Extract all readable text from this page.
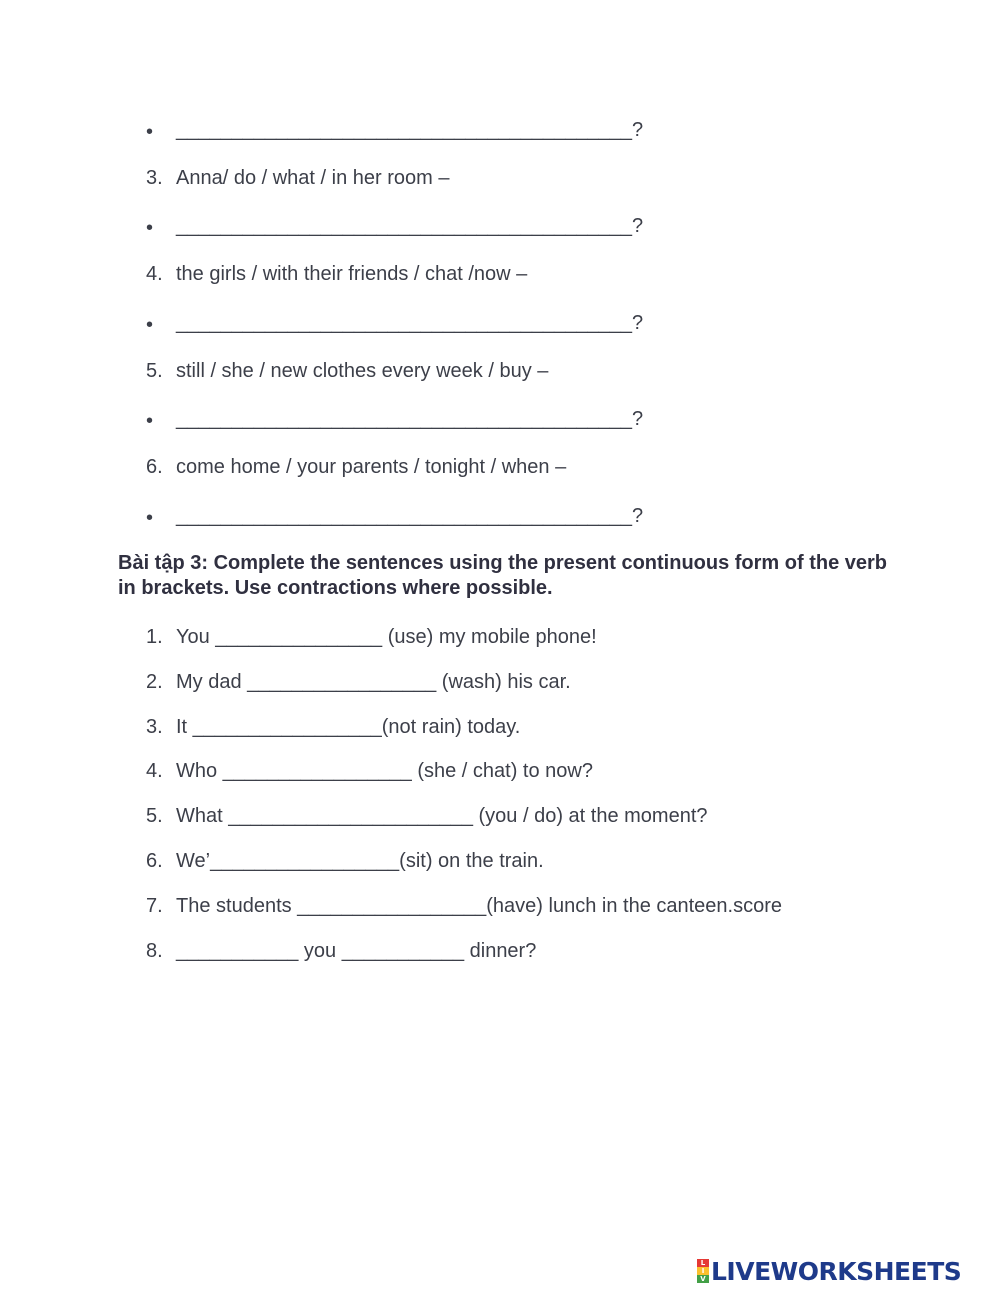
• _________________________________________?
3. Anna/ do / what / in her room –
• _________________________________________?
4. the girls / with their friends / chat /now –
• _________________________________________?
5. still / she / new clothes every week / buy –
• _________________________________________?
6. come home / your parents / tonight / when –
• _________________________________________?
Bài tập 3: Complete the sentences using the present continuous form of the verb in brackets. Use contractions where possible.
1. You _______________ (use) my mobile phone!
2. My dad _________________ (wash) his car.
3. It _________________(not rain) today.
4. Who _________________ (she / chat) to now?
5. What ______________________ (you / do) at the moment?
6. We’_________________(sit) on the train.
7. The students _________________(have) lunch in the canteen.score
8. ___________ you ___________ dinner?
L
I
V LIVEWORKSHEETS
